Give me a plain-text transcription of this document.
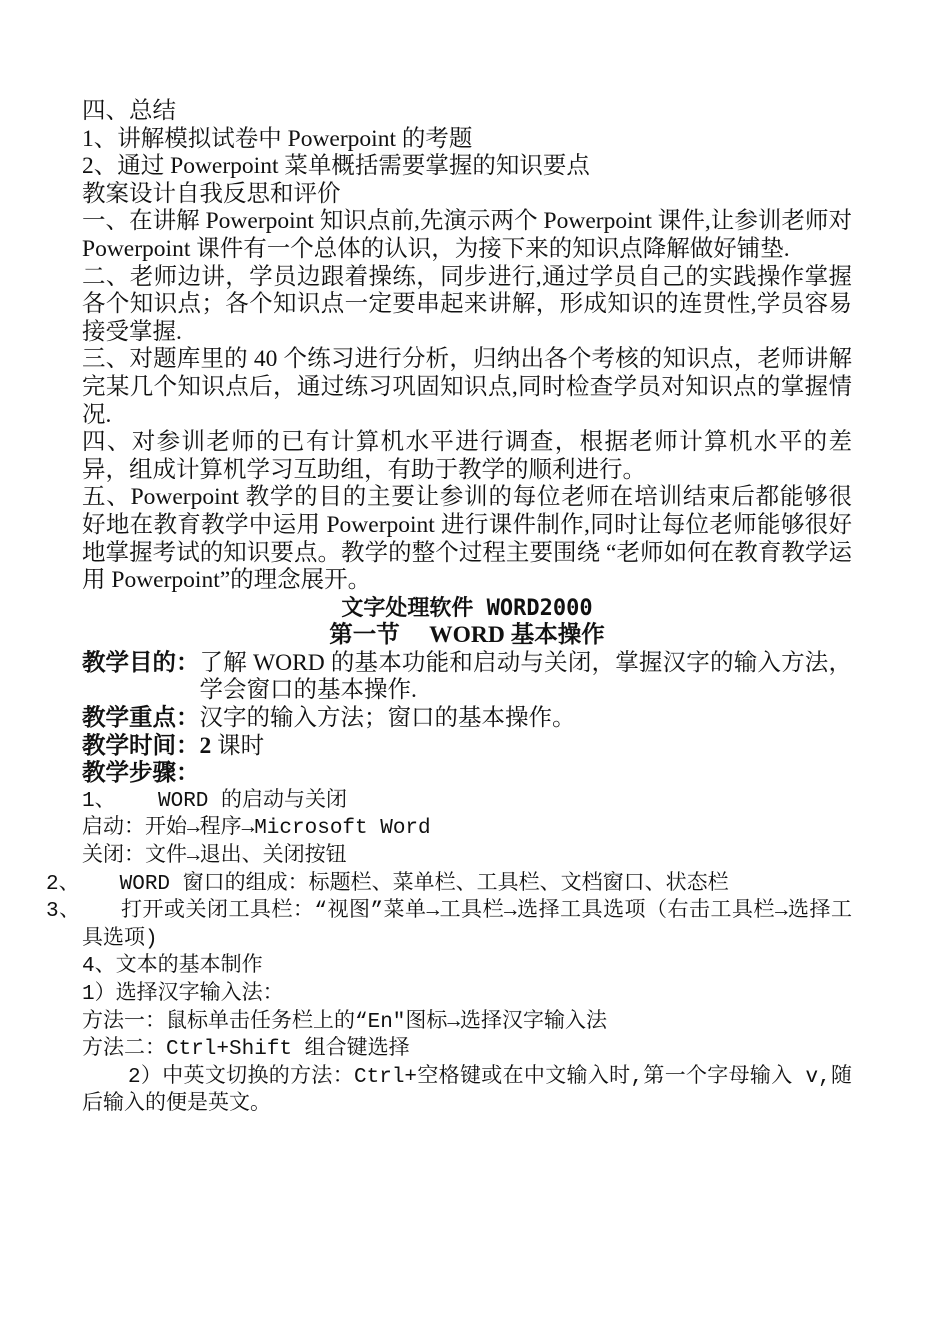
四、总结

1、讲解模拟试卷中 Powerpoint 的考题

2、通过 Powerpoint 菜单概括需要掌握的知识要点

教案设计自我反思和评价

一、在讲解 Powerpoint 知识点前,先演示两个 Powerpoint 课件,让参训老师对 Powerpoint 课件有一个总体的认识，为接下来的知识点降解做好铺垫.

二、老师边讲，学员边跟着操练，同步进行,通过学员自己的实践操作掌握各个知识点；各个知识点一定要串起来讲解，形成知识的连贯性,学员容易接受掌握.

三、对题库里的 40 个练习进行分析，归纳出各个考核的知识点，老师讲解完某几个知识点后，通过练习巩固知识点,同时检查学员对知识点的掌握情况.

四、对参训老师的已有计算机水平进行调查，根据老师计算机水平的差异，组成计算机学习互助组，有助于教学的顺利进行。

五、Powerpoint 教学的目的主要让参训的每位老师在培训结束后都能够很好地在教育教学中运用 Powerpoint 进行课件制作,同时让每位老师能够很好地掌握考试的知识要点。教学的整个过程主要围绕 “老师如何在教育教学运用 Powerpoint”的理念展开。

文字处理软件 WORD2000

第一节　 WORD 基本操作

教学目的： 了解 WORD 的基本功能和启动与关闭，掌握汉字的输入方法，学会窗口的基本操作.

教学重点：汉字的输入方法；窗口的基本操作。

教学时间：2 课时

教学步骤：

1、	WORD 的启动与关闭

启动：开始→程序→Microsoft Word

关闭：文件→退出、关闭按钮

2、 WORD 窗口的组成：标题栏、菜单栏、工具栏、文档窗口、状态栏

3、 打开或关闭工具栏：“视图”菜单→工具栏→选择工具选项（右击工具栏→选择工具选项)

4、文本的基本制作

1）选择汉字输入法：

方法一：鼠标单击任务栏上的“En"图标→选择汉字输入法

方法二：Ctrl+Shift 组合键选择

2）中英文切换的方法：Ctrl+空格键或在中文输入时,第一个字母输入 v,随后输入的便是英文。
